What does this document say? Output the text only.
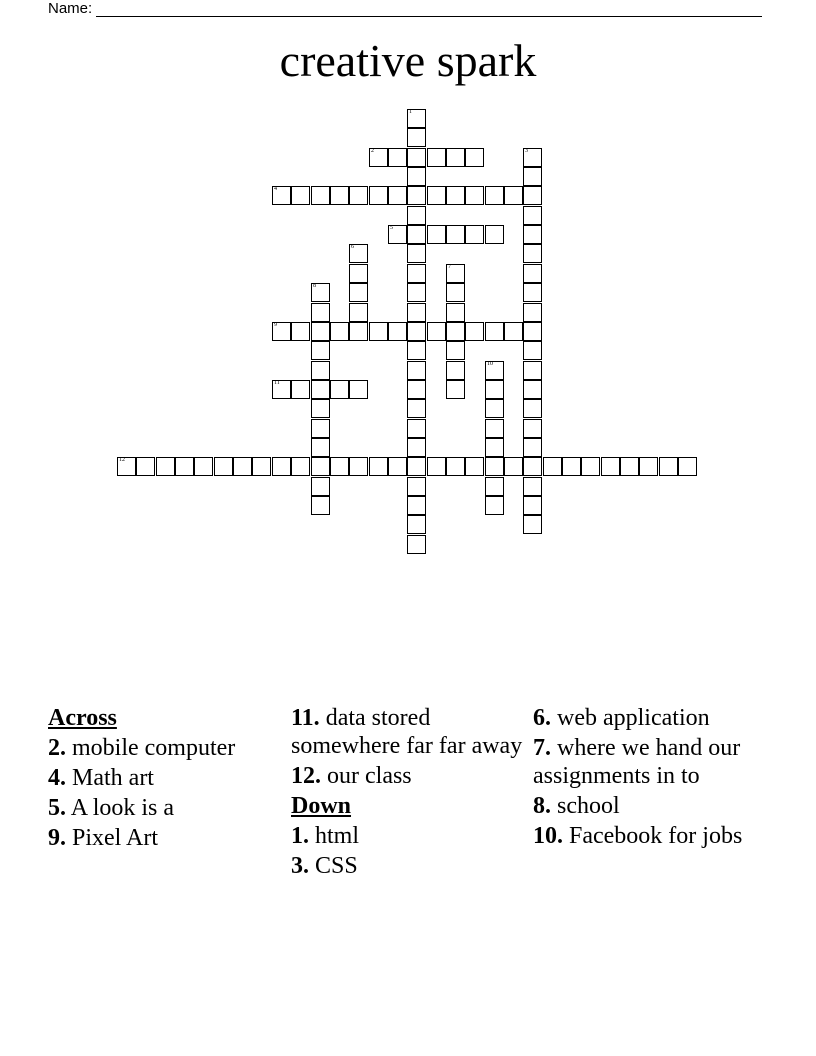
Name:
creative spark
1
2	3
4
5
6
7
8
9
10
11
12
Across
2. mobile computer
4. Math art
5. A look is a
9. Pixel Art
11. data stored somewhere far far away
12. our class
Down
1. html
3. CSS
6. web application
7. where we hand our assignments in to
8. school
10. Facebook for jobs
